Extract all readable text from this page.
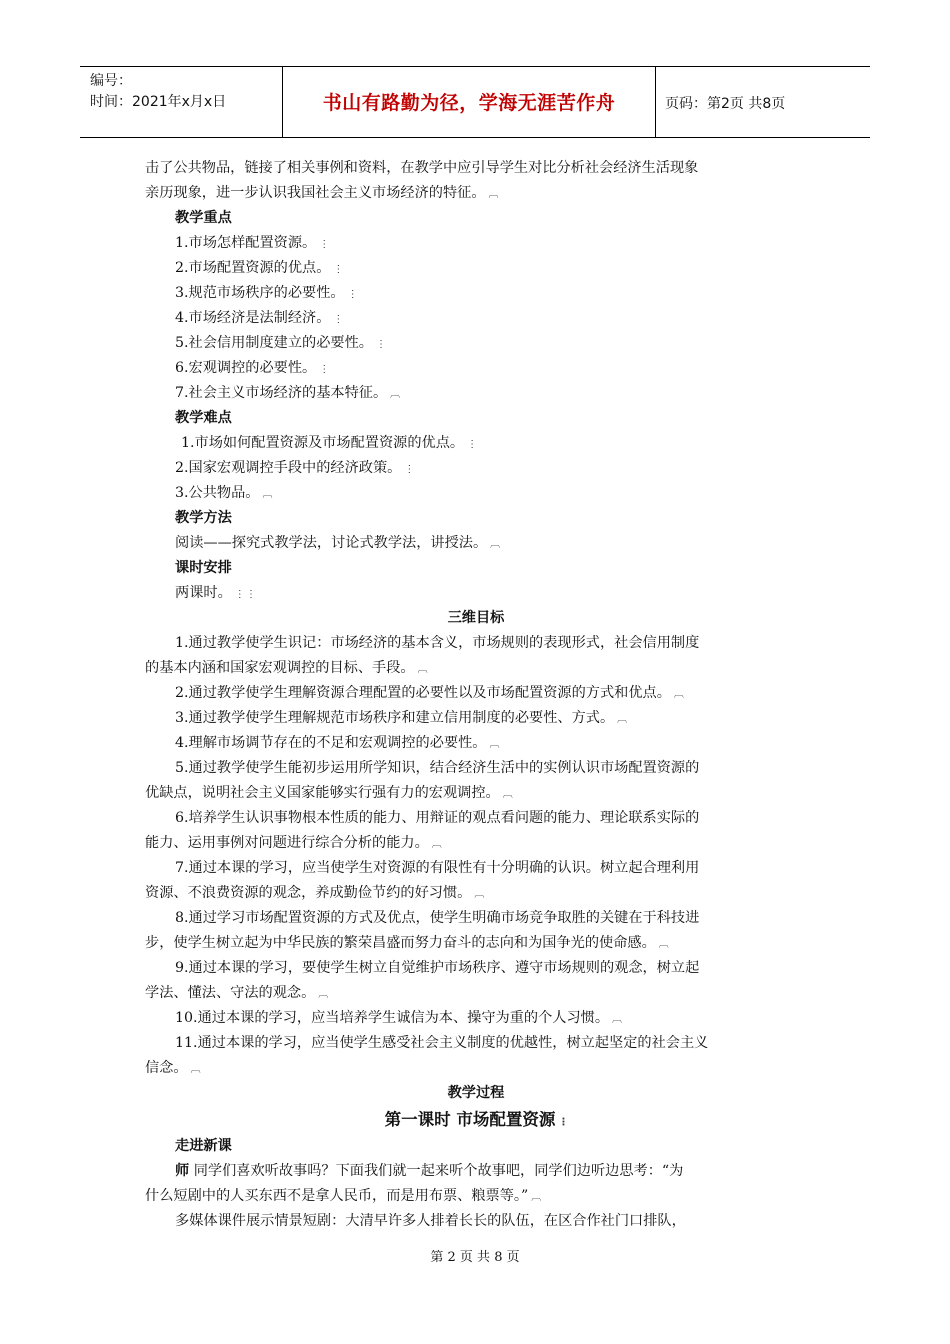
编号：
时间：2021年x月x日	书山有路勤为径，学海无涯苦作舟	页码：第2页 共8页

击了公共物品，链接了相关事例和资料，在教学中应引导学生对比分析社会经济生活现象

亲历现象，进一步认识我国社会主义市场经济的特征。 ︹

教学重点

1.市场怎样配置资源。 ⋮

2.市场配置资源的优点。 ⋮

3.规范市场秩序的必要性。 ⋮

4.市场经济是法制经济。 ⋮

5.社会信用制度建立的必要性。 ⋮

6.宏观调控的必要性。 ⋮

7.社会主义市场经济的基本特征。 ︹

教学难点

1.市场如何配置资源及市场配置资源的优点。 ⋮

2.国家宏观调控手段中的经济政策。 ⋮

3.公共物品。 ︹

教学方法

阅读——探究式教学法，讨论式教学法，讲授法。 ︹

课时安排

两课时。 ⋮ ⋮

三维目标

1.通过教学使学生识记：市场经济的基本含义，市场规则的表现形式，社会信用制度

的基本内涵和国家宏观调控的目标、手段。 ︹

2.通过教学使学生理解资源合理配置的必要性以及市场配置资源的方式和优点。 ︹

3.通过教学使学生理解规范市场秩序和建立信用制度的必要性、方式。 ︹

4.理解市场调节存在的不足和宏观调控的必要性。 ︹

5.通过教学使学生能初步运用所学知识，结合经济生活中的实例认识市场配置资源的

优缺点，说明社会主义国家能够实行强有力的宏观调控。 ︹

6.培养学生认识事物根本性质的能力、用辩证的观点看问题的能力、理论联系实际的

能力、运用事例对问题进行综合分析的能力。 ︹

7.通过本课的学习，应当使学生对资源的有限性有十分明确的认识。树立起合理利用

资源、不浪费资源的观念，养成勤俭节约的好习惯。 ︹

8.通过学习市场配置资源的方式及优点，使学生明确市场竞争取胜的关键在于科技进

步，使学生树立起为中华民族的繁荣昌盛而努力奋斗的志向和为国争光的使命感。 ︹

9.通过本课的学习，要使学生树立自觉维护市场秩序、遵守市场规则的观念，树立起

学法、懂法、守法的观念。 ︹

10.通过本课的学习，应当培养学生诚信为本、操守为重的个人习惯。 ︹

11.通过本课的学习，应当使学生感受社会主义制度的优越性，树立起坚定的社会主义

信念。 ︹

教学过程

第一课时 市场配置资源 ⋮

走进新课

师 同学们喜欢听故事吗？下面我们就一起来听个故事吧，同学们边听边思考：“为

什么短剧中的人买东西不是拿人民币，而是用布票、粮票等。” ︹

多媒体课件展示情景短剧：大清早许多人排着长长的队伍，在区合作社门口排队，

第 2 页 共 8 页
